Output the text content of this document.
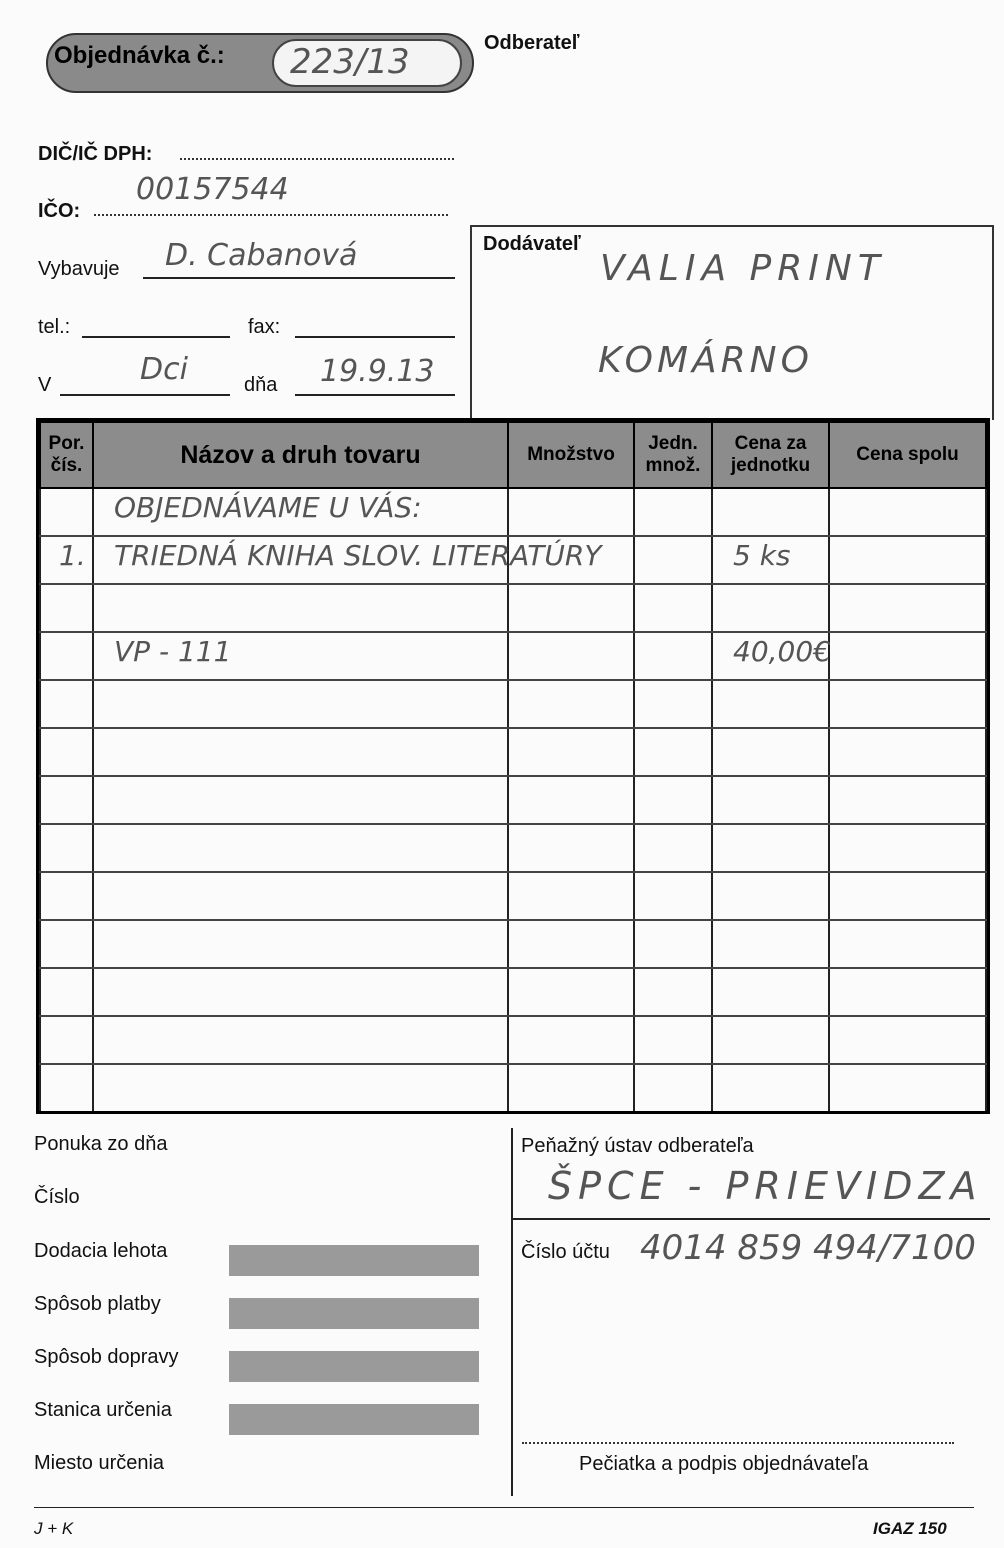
Objednávka č.: 223/13	Odberateľ
DIČ/IČ DPH:
IČO:
00157544
Vybavuje D. Cabanová
tel.:	fax:
V	Dci	dňa 19.9.13
Dodávateľ
VALIA PRINT
KOMÁRNO
Por. čís.	Názov a druh tovaru	Množstvo	Jedn. množ.	Cena za jednotku	Cena spolu

	OBJEDNÁVAME U VÁS:				

1.	TRIEDNÁ KNIHA SLOV. LITERATÚRY			5 ks	

	VP - 111			40,00€	

Ponuka zo dňa
Číslo
Dodacia lehota
Spôsob platby
Spôsob dopravy
Stanica určenia
Miesto určenia
Peňažný ústav odberateľa
ŠPCE - PRIEVIDZA
Číslo účtu 4014 859 494/7100
Pečiatka a podpis objednávateľa
J + K	IGAZ 150
